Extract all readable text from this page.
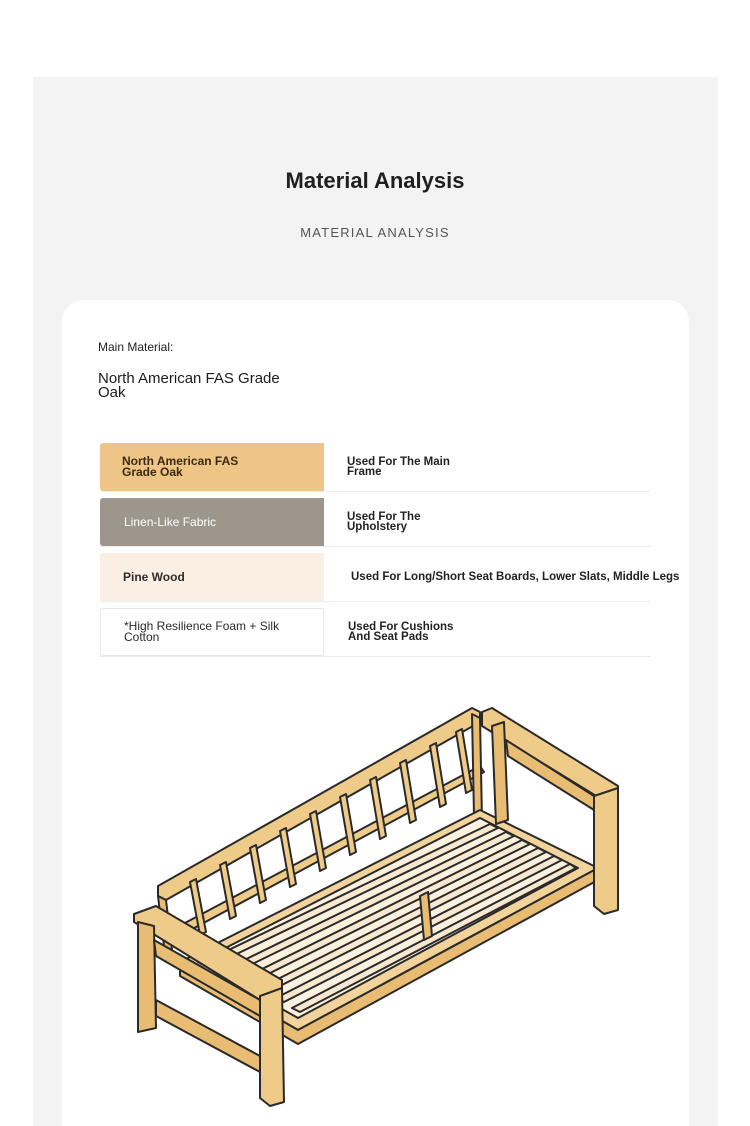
Material Analysis
MATERIAL ANALYSIS
Main Material:
North American FAS Grade Oak
North American FAS Grade Oak
Used For The Main Frame
Linen-Like Fabric	Used For The Upholstery
Pine Wood	Used For Long/Short Seat Boards, Lower Slats, Middle Legs
*High Resilience Foam + Silk Cotton
Used For Cushions And Seat Pads
